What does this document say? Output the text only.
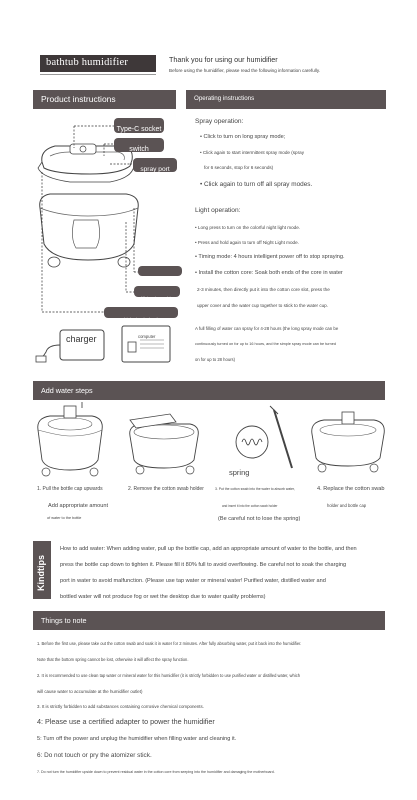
bathtub humidifier	Thank you for using our humidifier
Before using the humidifier, please read the following information carefully.
Product instructions	Operating instructions
Type-C socket
switch
spray port
Cotton core groove
Water storage bin
highest water level
charger	computer
Spray operation:
• Click to turn on long spray mode;
• Click again to start intermittent spray mode (spray
for 6 seconds, stop for 6 seconds)
• Click again to turn off all spray modes.
Light operation:
• Long press to turn on the colorful night light mode.
• Press and hold again to turn off Night Light mode.
• Timing mode: 4 hours intelligent power off to stop spraying.
• Install the cotton core: Soak both ends of the core in water
2-3 minutes, then directly put it into the cotton core slot, press the
upper cover and the water cup together to stick to the water cup.
A full filling of water can spray for 4-28 hours (the long spray mode can be
continuously turned on for up to 16 hours, and the simple spray mode can be turned
on for up to 28 hours)
Add water steps
1. Pull the bottle cap upwards	2. Remove the cotton swab holder	3. Put the cotton swab into the water to absorb water,
and insert it into the cotton swab holder
4. Replace the cotton swab
holder and bottle cap
Add appropriate amount
of water to the bottle
spring
(Be careful not to lose the spring)
Kindtips
How to add water: When adding water, pull up the bottle cap, add an appropriate amount of water to the bottle, and then
press the bottle cap down to tighten it. Please fill it 80% full to avoid overflowing. Be careful not to soak the charging
port in water to avoid malfunction. (Please use tap water or mineral water! Purified water, distilled water and
bottled water will not produce fog or wet the desktop due to water quality problems)
Things to note
1. Before the first use, please take out the cotton swab and soak it in water for 2 minutes. After fully absorbing water, put it back into the humidifier.
Note that the bottom spring cannot be lost, otherwise it will affect the spray function.
2. It is recommended to use clean tap water or mineral water for this humidifier (it is strictly forbidden to use purified water or distilled water, which
will cause water to accumulate at the humidifier outlet)
3. It is strictly forbidden to add substances containing corrosive chemical components.
4: Please use a certified adapter to power the humidifier
5: Turn off the power and unplug the humidifier when filling water and cleaning it.
6: Do not touch or pry the atomizer stick.
7. Do not turn the humidifier upside down to prevent residual water in the cotton core from seeping into the humidifier and damaging the motherboard.
